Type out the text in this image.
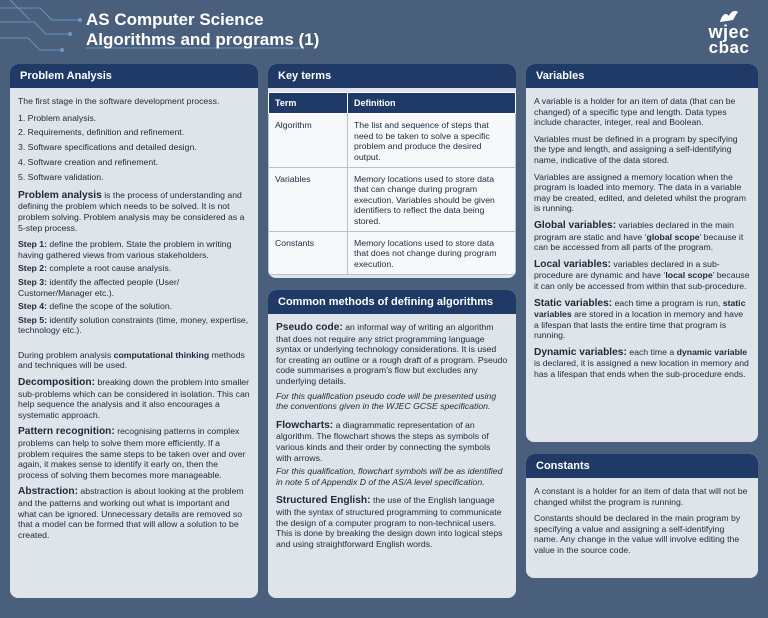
AS Computer Science
Algorithms and programs (1)	wjec
cbac
Problem Analysis

The first stage in the software development process.

1. Problem analysis.
2. Requirements, definition and refinement.
3. Software specifications and detailed design.
4. Software creation and refinement.
5. Software validation.

Problem analysis is the process of understanding and defining the problem which needs to be solved. It is not problem solving. Problem analysis may be considered as a 5-step process.

Step 1: define the problem. State the problem in writing having gathered views from various stakeholders.

Step 2: complete a root cause analysis.

Step 3: identify the affected people (User/ Customer/Manager etc.).

Step 4: define the scope of the solution.

Step 5: identify solution constraints (time, money, expertise, technology etc.).

During problem analysis computational thinking methods and techniques will be used.

Decomposition: breaking down the problem into smaller sub-problems which can be considered in isolation. This can help sequence the analysis and it also encourages a systematic approach.

Pattern recognition: recognising patterns in complex problems can help to solve them more efficiently. If a problem requires the same steps to be taken over and over again, it makes sense to identify it early on, then the process of solving them becomes more manageable.

Abstraction: abstraction is about looking at the problem and the patterns and working out what is important and what can be ignored. Unnecessary details are removed so that a model can be formed that will allow a solution to be created.

Key terms
Term	Definition
Algorithm	The list and sequence of steps that need to be taken to solve a specific problem and produce the desired output.
Variables	Memory locations used to store data that can change during program execution. Variables should be given identifiers to reflect the data being stored.
Constants	Memory locations used to store data that does not change during program execution.
Common methods of defining algorithms

Pseudo code: an informal way of writing an algorithm that does not require any strict programming language syntax or underlying technology considerations. It is used for creating an outline or a rough draft of a program. Pseudo code summarises a program’s flow but excludes any underlying details.

For this qualification pseudo code will be presented using the conventions given in the WJEC GCSE specification.

Flowcharts: a diagrammatic representation of an algorithm. The flowchart shows the steps as symbols of various kinds and their order by connecting the symbols with arrows.

For this qualification, flowchart symbols will be as identified in note 5 of Appendix D of the AS/A level specification.

Structured English: the use of the English language with the syntax of structured programming to communicate the design of a computer program to non-technical users. This is done by breaking the design down into logical steps and using straightforward English words.

Variables

A variable is a holder for an item of data (that can be changed) of a specific type and length. Data types include character, integer, real and Boolean.

Variables must be defined in a program by specifying the type and length, and assigning a self-identifying name, indicative of the data stored.

Variables are assigned a memory location when the program is loaded into memory. The data in a variable may be created, edited, and deleted whilst the program is running.

Global variables: variables declared in the main program are static and have ‘global scope’ because it can be accessed from all parts of the program.

Local variables: variables declared in a sub-procedure are dynamic and have ‘local scope’ because it can only be accessed from within that sub-procedure.

Static variables: each time a program is run, static variables are stored in a location in memory and have a lifespan that lasts the entire time that program is running.

Dynamic variables: each time a dynamic variable is declared, it is assigned a new location in memory and has a lifespan that ends when the sub-procedure ends.

Constants

A constant is a holder for an item of data that will not be changed whilst the program is running.

Constants should be declared in the main program by specifying a value and assigning a self-identifying name. Any change in the value will involve editing the value in the source code.
